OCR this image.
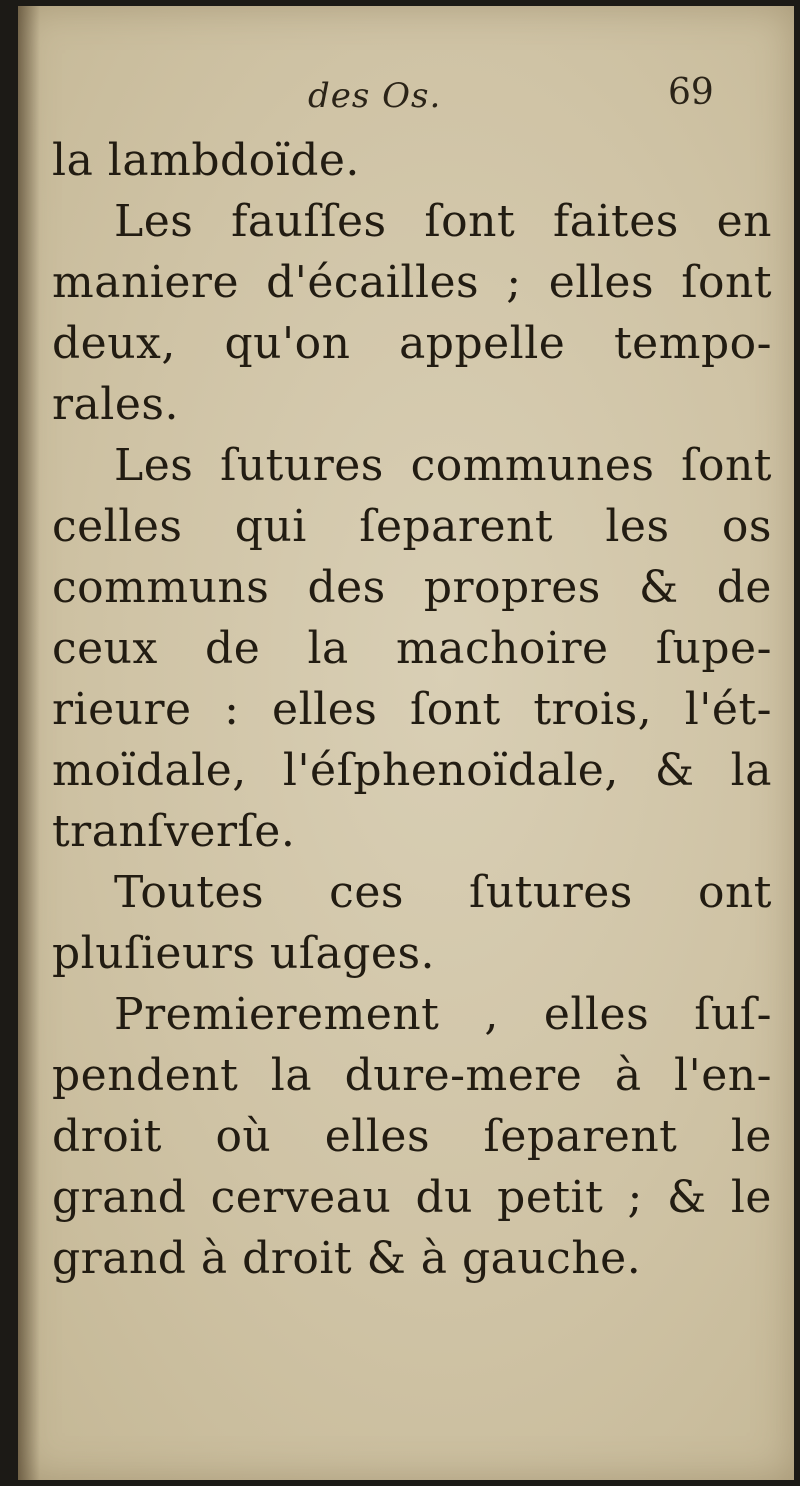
des Os.	69
la lambdoïde.
Les fauſſes ſont faites en
maniere d'écailles ; elles ſont
deux, qu'on appelle tempo-
rales.
Les ſutures communes ſont
celles qui ſeparent les os
communs des propres & de
ceux de la machoire ſupe-
rieure : elles ſont trois, l'ét-
moïdale, l'éſphenoïdale, & la
tranſverſe.
Toutes ces ſutures ont
pluſieurs uſages.
Premierement , elles ſuſ-
pendent la dure-mere à l'en-
droit où elles ſeparent le
grand cerveau du petit ; & le
grand à droit & à gauche.
